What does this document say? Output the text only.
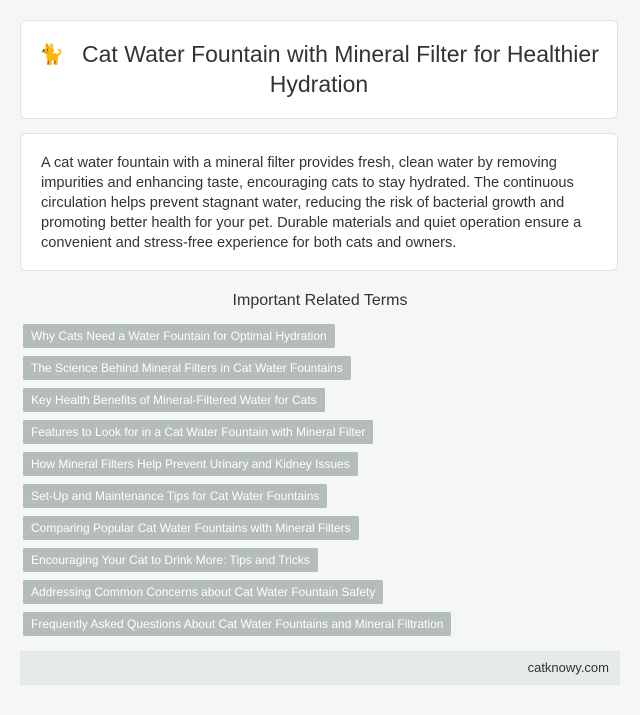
🐈 Cat Water Fountain with Mineral Filter for Healthier Hydration

A cat water fountain with a mineral filter provides fresh, clean water by removing impurities and enhancing taste, encouraging cats to stay hydrated. The continuous circulation helps prevent stagnant water, reducing the risk of bacterial growth and promoting better health for your pet. Durable materials and quiet operation ensure a convenient and stress-free experience for both cats and owners.

Important Related Terms
Why Cats Need a Water Fountain for Optimal Hydration
The Science Behind Mineral Filters in Cat Water Fountains
Key Health Benefits of Mineral-Filtered Water for Cats
Features to Look for in a Cat Water Fountain with Mineral Filter
How Mineral Filters Help Prevent Urinary and Kidney Issues
Set-Up and Maintenance Tips for Cat Water Fountains
Comparing Popular Cat Water Fountains with Mineral Filters
Encouraging Your Cat to Drink More: Tips and Tricks
Addressing Common Concerns about Cat Water Fountain Safety
Frequently Asked Questions About Cat Water Fountains and Mineral Filtration
catknowy.com
